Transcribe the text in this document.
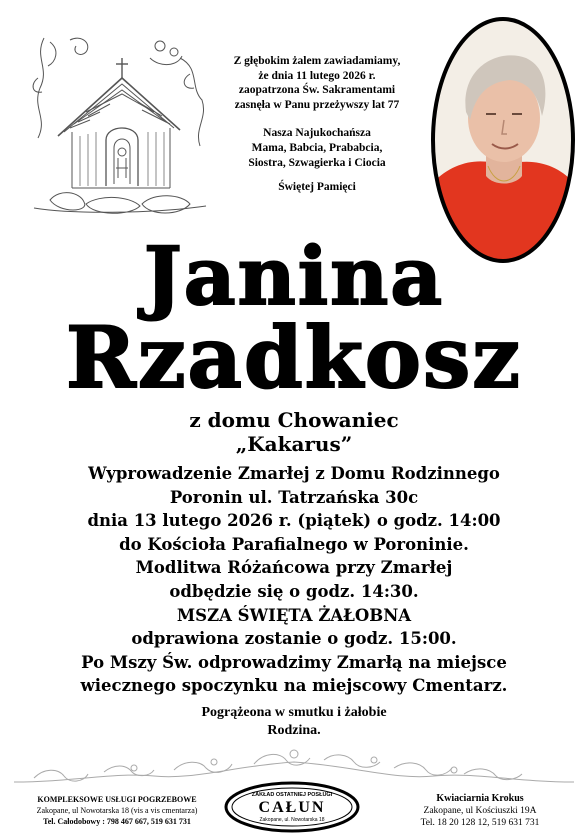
Z głębokim żalem zawiadamiamy,
że dnia 11 lutego 2026 r.
zaopatrzona Św. Sakramentami
zasnęła w Panu przeżywszy lat 77
Nasza Najukochańsza
Mama, Babcia, Prababcia,
Siostra, Szwagierka i Ciocia
Świętej Pamięci
Janina
Rzadkosz
z domu Chowaniec
„Kakarus”
Wyprowadzenie Zmarłej z Domu Rodzinnego
Poronin ul. Tatrzańska 30c
dnia 13 lutego 2026 r. (piątek) o godz. 14:00
do Kościoła Parafialnego w Poroninie.
Modlitwa Różańcowa przy Zmarłej
odbędzie się o godz. 14:30.
MSZA ŚWIĘTA ŻAŁOBNA
odprawiona zostanie o godz. 15:00.
Po Mszy Św. odprowadzimy Zmarłą na miejsce
wiecznego spoczynku na miejscowy Cmentarz.
Pogrążeona w smutku i żałobie
Rodzina.
KOMPLEKSOWE USŁUGI POGRZEBOWE
Zakopane, ul Nowotarska 18 (vis a vis cmentarza)
Tel. Całodobowy : 798 467 667, 519 631 731
ZAKŁAD OSTATNIEJ POSŁUGI
CAŁUN
Zakopane, ul. Nowotarska 18
Kwiaciarnia Krokus
Zakopane, ul Kościuszki 19A
Tel. 18 20 128 12, 519 631 731
